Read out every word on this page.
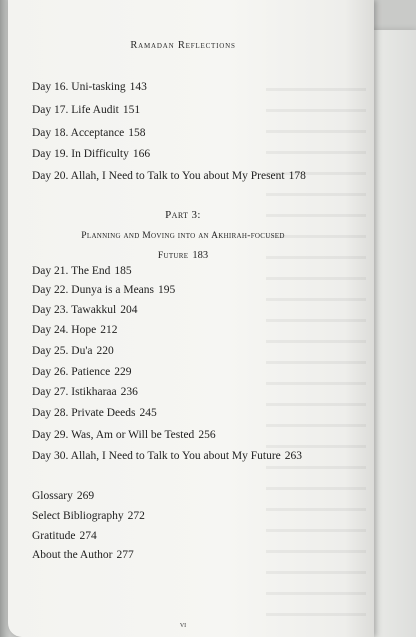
Ramadan Reflections
Day 16. Uni-tasking 143
Day 17. Life Audit 151
Day 18. Acceptance 158
Day 19. In Difficulty 166
Day 20. Allah, I Need to Talk to You about My Present 178
Part 3:
Planning and Moving into an Akhirah-focused
Future 183
Day 21. The End 185
Day 22. Dunya is a Means 195
Day 23. Tawakkul 204
Day 24. Hope 212
Day 25. Du'a 220
Day 26. Patience 229
Day 27. Istikharaa 236
Day 28. Private Deeds 245
Day 29. Was, Am or Will be Tested 256
Day 30. Allah, I Need to Talk to You about My Future 263
Glossary 269
Select Bibliography 272
Gratitude 274
About the Author 277
vi
